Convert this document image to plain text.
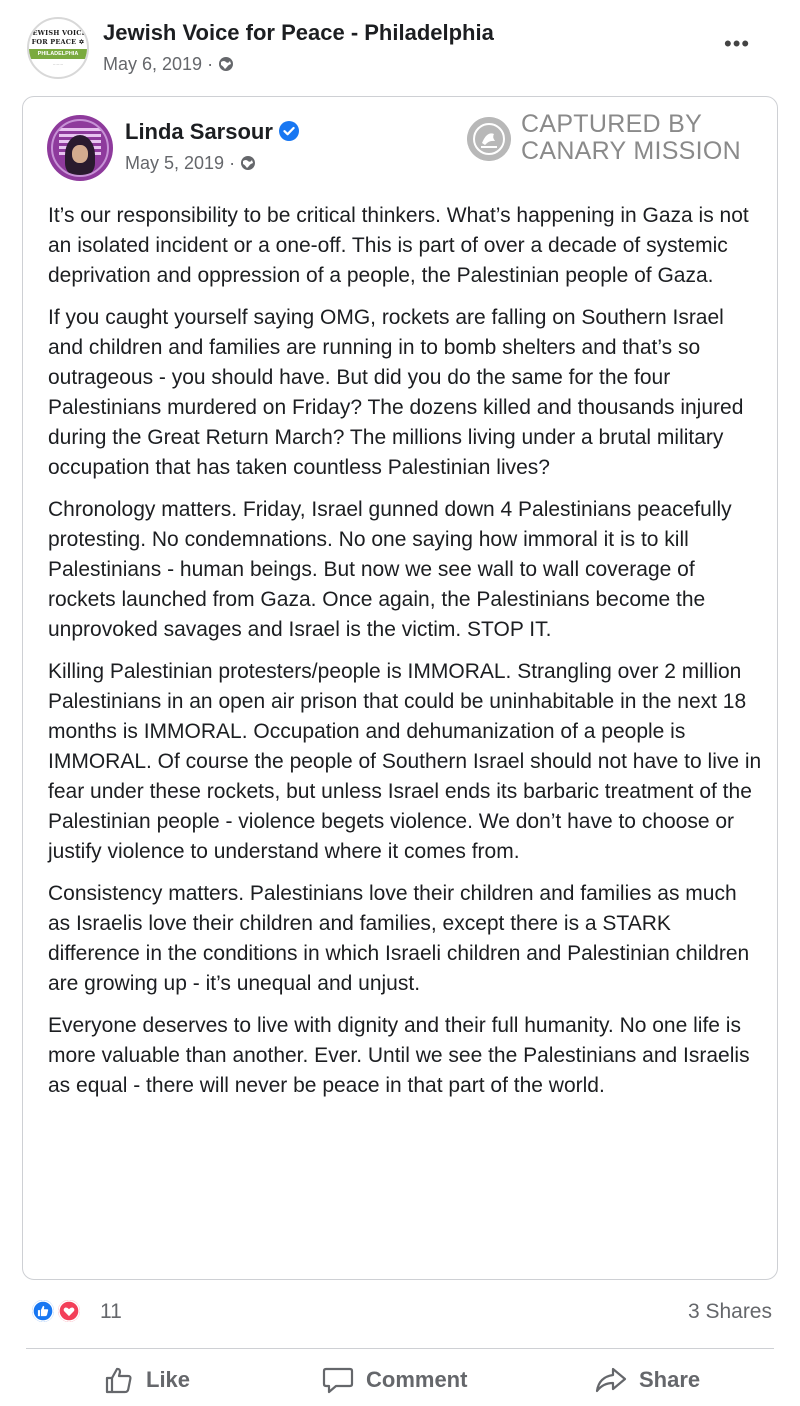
JEWISH VOICE
FOR PEACE ✡
PHILADELPHIA
········
Jewish Voice for Peace - Philadelphia
May 6, 2019 ·
•••
Linda Sarsour
May 5, 2019 ·
CAPTURED BY
CANARY MISSION

It’s our responsibility to be critical thinkers. What’s happening in Gaza is not an isolated incident or a one-off. This is part of over a decade of systemic deprivation and oppression of a people, the Palestinian people of Gaza.

If you caught yourself saying OMG, rockets are falling on Southern Israel and children and families are running in to bomb shelters and that’s so outrageous - you should have. But did you do the same for the four Palestinians murdered on Friday? The dozens killed and thousands injured during the Great Return March? The millions living under a brutal military occupation that has taken countless Palestinian lives?

Chronology matters. Friday, Israel gunned down 4 Palestinians peacefully protesting. No condemnations. No one saying how immoral it is to kill Palestinians - human beings. But now we see wall to wall coverage of rockets launched from Gaza. Once again, the Palestinians become the unprovoked savages and Israel is the victim. STOP IT.

Killing Palestinian protesters/people is IMMORAL. Strangling over 2 million Palestinians in an open air prison that could be uninhabitable in the next 18 months is IMMORAL. Occupation and dehumanization of a people is IMMORAL. Of course the people of Southern Israel should not have to live in fear under these rockets, but unless Israel ends its barbaric treatment of the Palestinian people - violence begets violence. We don’t have to choose or justify violence to understand where it comes from.

Consistency matters. Palestinians love their children and families as much as Israelis love their children and families, except there is a STARK difference in the conditions in which Israeli children and Palestinian children are growing up - it’s unequal and unjust.

Everyone deserves to live with dignity and their full humanity. No one life is more valuable than another. Ever. Until we see the Palestinians and Israelis as equal - there will never be peace in that part of the world.

11	3 Shares
Like	Comment	Share
